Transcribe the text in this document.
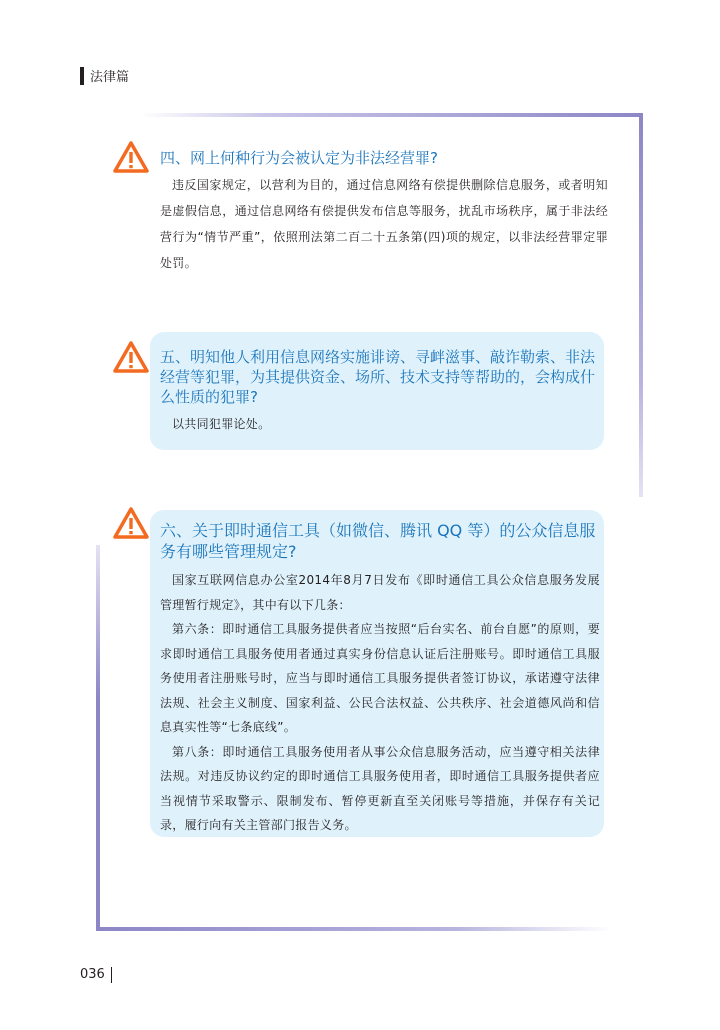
法律篇

四、网上何种行为会被认定为非法经营罪?

违反国家规定，以营利为目的，通过信息网络有偿提供删除信息服务，或者明知是虚假信息，通过信息网络有偿提供发布信息等服务，扰乱市场秩序，属于非法经营行为“情节严重”，依照刑法第二百二十五条第(四)项的规定，以非法经营罪定罪处罚。

五、明知他人利用信息网络实施诽谤、寻衅滋事、敲诈勒索、非法经营等犯罪，为其提供资金、场所、技术支持等帮助的，会构成什么性质的犯罪?

以共同犯罪论处。

六、关于即时通信工具（如微信、腾讯 QQ 等）的公众信息服务有哪些管理规定?

国家互联网信息办公室2014年8月7日发布《即时通信工具公众信息服务发展管理暂行规定》，其中有以下几条：

第六条：即时通信工具服务提供者应当按照“后台实名、前台自愿”的原则，要求即时通信工具服务使用者通过真实身份信息认证后注册账号。即时通信工具服务使用者注册账号时，应当与即时通信工具服务提供者签订协议，承诺遵守法律法规、社会主义制度、国家利益、公民合法权益、公共秩序、社会道德风尚和信息真实性等“七条底线”。

第八条：即时通信工具服务使用者从事公众信息服务活动，应当遵守相关法律法规。对违反协议约定的即时通信工具服务使用者，即时通信工具服务提供者应当视情节采取警示、限制发布、暂停更新直至关闭账号等措施，并保存有关记录，履行向有关主管部门报告义务。

036
